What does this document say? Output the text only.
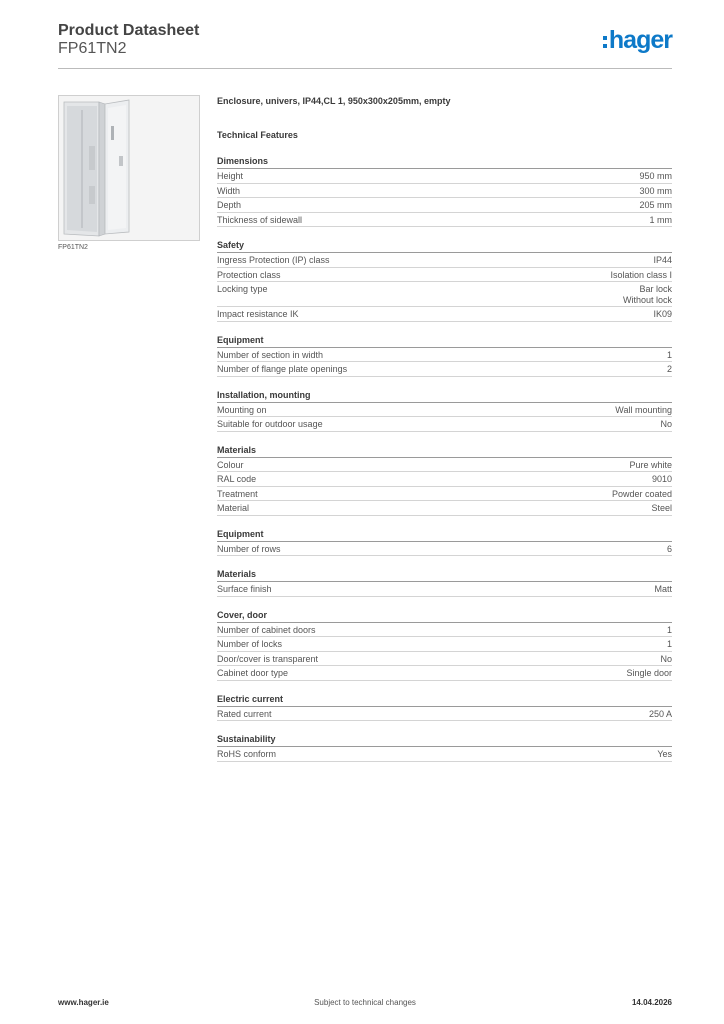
Product Datasheet
FP61TN2	hager
FP61TN2
Enclosure, univers, IP44,CL 1, 950x300x205mm, empty
Technical Features
Dimensions
Height	950 mm
Width	300 mm
Depth	205 mm
Thickness of sidewall	1 mm
Safety
Ingress Protection (IP) class	IP44
Protection class	Isolation class I
Locking type	Bar lock
Without lock
Impact resistance IK	IK09
Equipment
Number of section in width	1
Number of flange plate openings	2
Installation, mounting
Mounting on	Wall mounting
Suitable for outdoor usage	No
Materials
Colour	Pure white
RAL code	9010
Treatment	Powder coated
Material	Steel
Equipment
Number of rows	6
Materials
Surface finish	Matt
Cover, door
Number of cabinet doors	1
Number of locks	1
Door/cover is transparent	No
Cabinet door type	Single door
Electric current
Rated current	250 A
Sustainability
RoHS conform	Yes
www.hager.ie	Subject to technical changes	14.04.2026
